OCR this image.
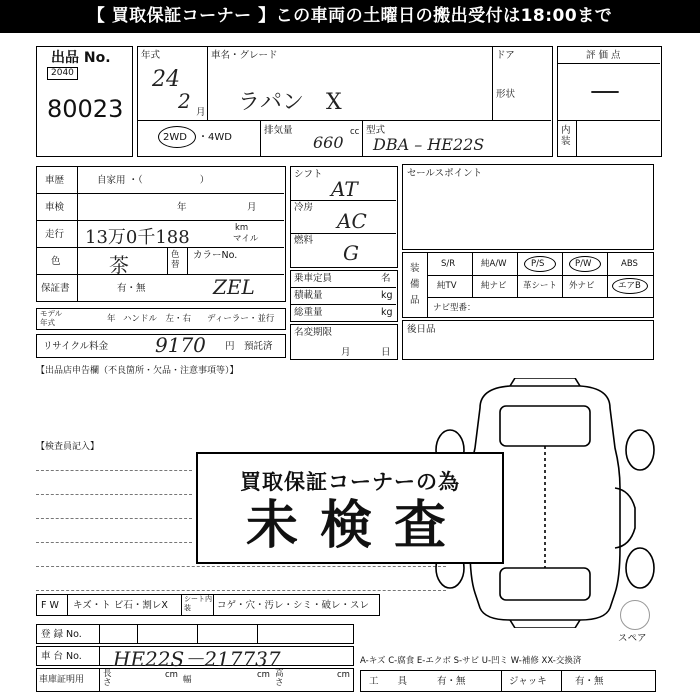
【 買取保証コーナー 】この車両の土曜日の搬出受付は18:00まで
出品 No.
2040
80023
年式
24
2 月
車名・グレード
ラパン　X
ドア
形状
2WD ・4WD
排気量
660
cc 型式
DBA – HE22S
評 価 点
—
内装
車歴	自家用 ・（　　　　　　）
車検	年	月
走行 13万0千188	km
マイル
色 茶	色替
カラーNo.
保証書	有・無	ZEL
シフト
AT
冷房
AC
燃料
G
乗車定員	名
積載量	kg
総重量	kg
名変期限
月	日
モデル
年式	年 ハンドル　左・右 ディーラー・並行
リサイクル料金 9170 円　預託済
セールスポイント
装備品
S/R	純A/W	P/S	P/W	ABS
純TV	純ナビ 革シート 外ナビ	エアB
ナビ型番：
後日品
【出品店申告欄（不良箇所・欠品・注意事項等）】
【検査員記入】
スペア
買取保証コーナーの為
未検査
F W キズ・ト ビ石・割レX
シート内装	コゲ・穴・汚レ・シミ・破レ・スレ
登 録 No.
車 台 No. HE22S－217737	A-キズ C-腐食 E-エクボ S-サビ U-凹ミ W-補修 XX-交換済
車庫証明用
長さ
cm 幅	cm 高さ
cm
工　　具	有・無	ジャッキ	有・無
